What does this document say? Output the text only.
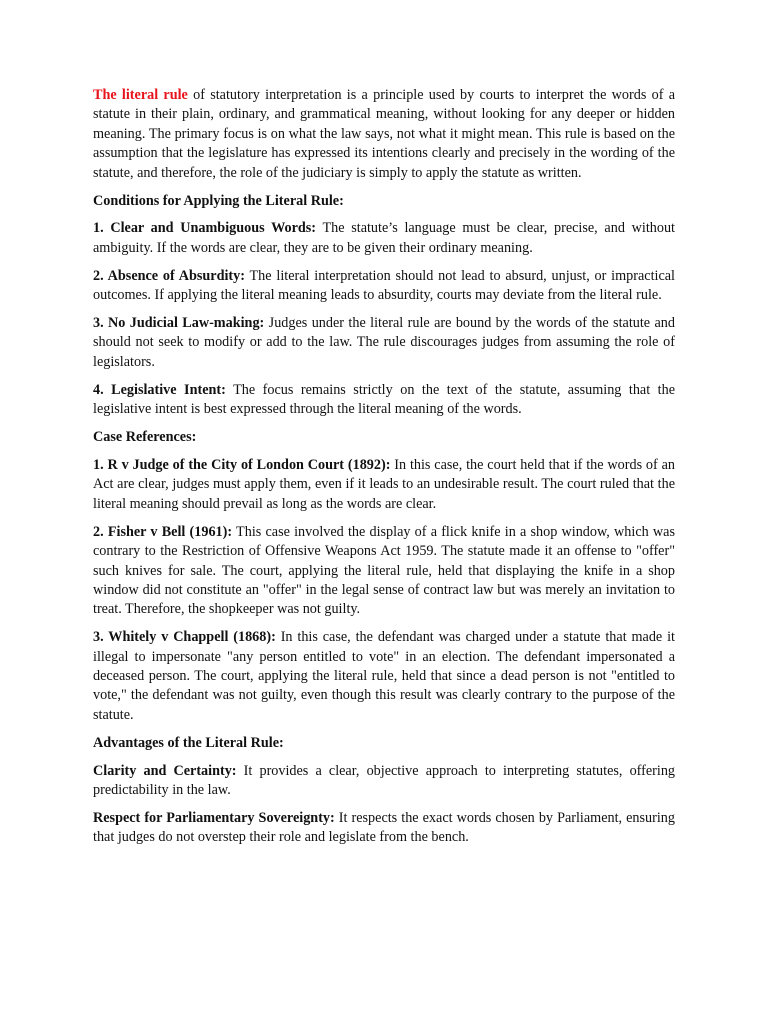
The literal rule of statutory interpretation is a principle used by courts to interpret the words of a statute in their plain, ordinary, and grammatical meaning, without looking for any deeper or hidden meaning. The primary focus is on what the law says, not what it might mean. This rule is based on the assumption that the legislature has expressed its intentions clearly and precisely in the wording of the statute, and therefore, the role of the judiciary is simply to apply the statute as written.

Conditions for Applying the Literal Rule:

1. Clear and Unambiguous Words: The statute’s language must be clear, precise, and without ambiguity. If the words are clear, they are to be given their ordinary meaning.

2. Absence of Absurdity: The literal interpretation should not lead to absurd, unjust, or impractical outcomes. If applying the literal meaning leads to absurdity, courts may deviate from the literal rule.

3. No Judicial Law-making: Judges under the literal rule are bound by the words of the statute and should not seek to modify or add to the law. The rule discourages judges from assuming the role of legislators.

4. Legislative Intent: The focus remains strictly on the text of the statute, assuming that the legislative intent is best expressed through the literal meaning of the words.

Case References:

1. R v Judge of the City of London Court (1892): In this case, the court held that if the words of an Act are clear, judges must apply them, even if it leads to an undesirable result. The court ruled that the literal meaning should prevail as long as the words are clear.

2. Fisher v Bell (1961): This case involved the display of a flick knife in a shop window, which was contrary to the Restriction of Offensive Weapons Act 1959. The statute made it an offense to "offer" such knives for sale. The court, applying the literal rule, held that displaying the knife in a shop window did not constitute an "offer" in the legal sense of contract law but was merely an invitation to treat. Therefore, the shopkeeper was not guilty.

3. Whitely v Chappell (1868): In this case, the defendant was charged under a statute that made it illegal to impersonate "any person entitled to vote" in an election. The defendant impersonated a deceased person. The court, applying the literal rule, held that since a dead person is not "entitled to vote," the defendant was not guilty, even though this result was clearly contrary to the purpose of the statute.

Advantages of the Literal Rule:

Clarity and Certainty: It provides a clear, objective approach to interpreting statutes, offering predictability in the law.

Respect for Parliamentary Sovereignty: It respects the exact words chosen by Parliament, ensuring that judges do not overstep their role and legislate from the bench.
